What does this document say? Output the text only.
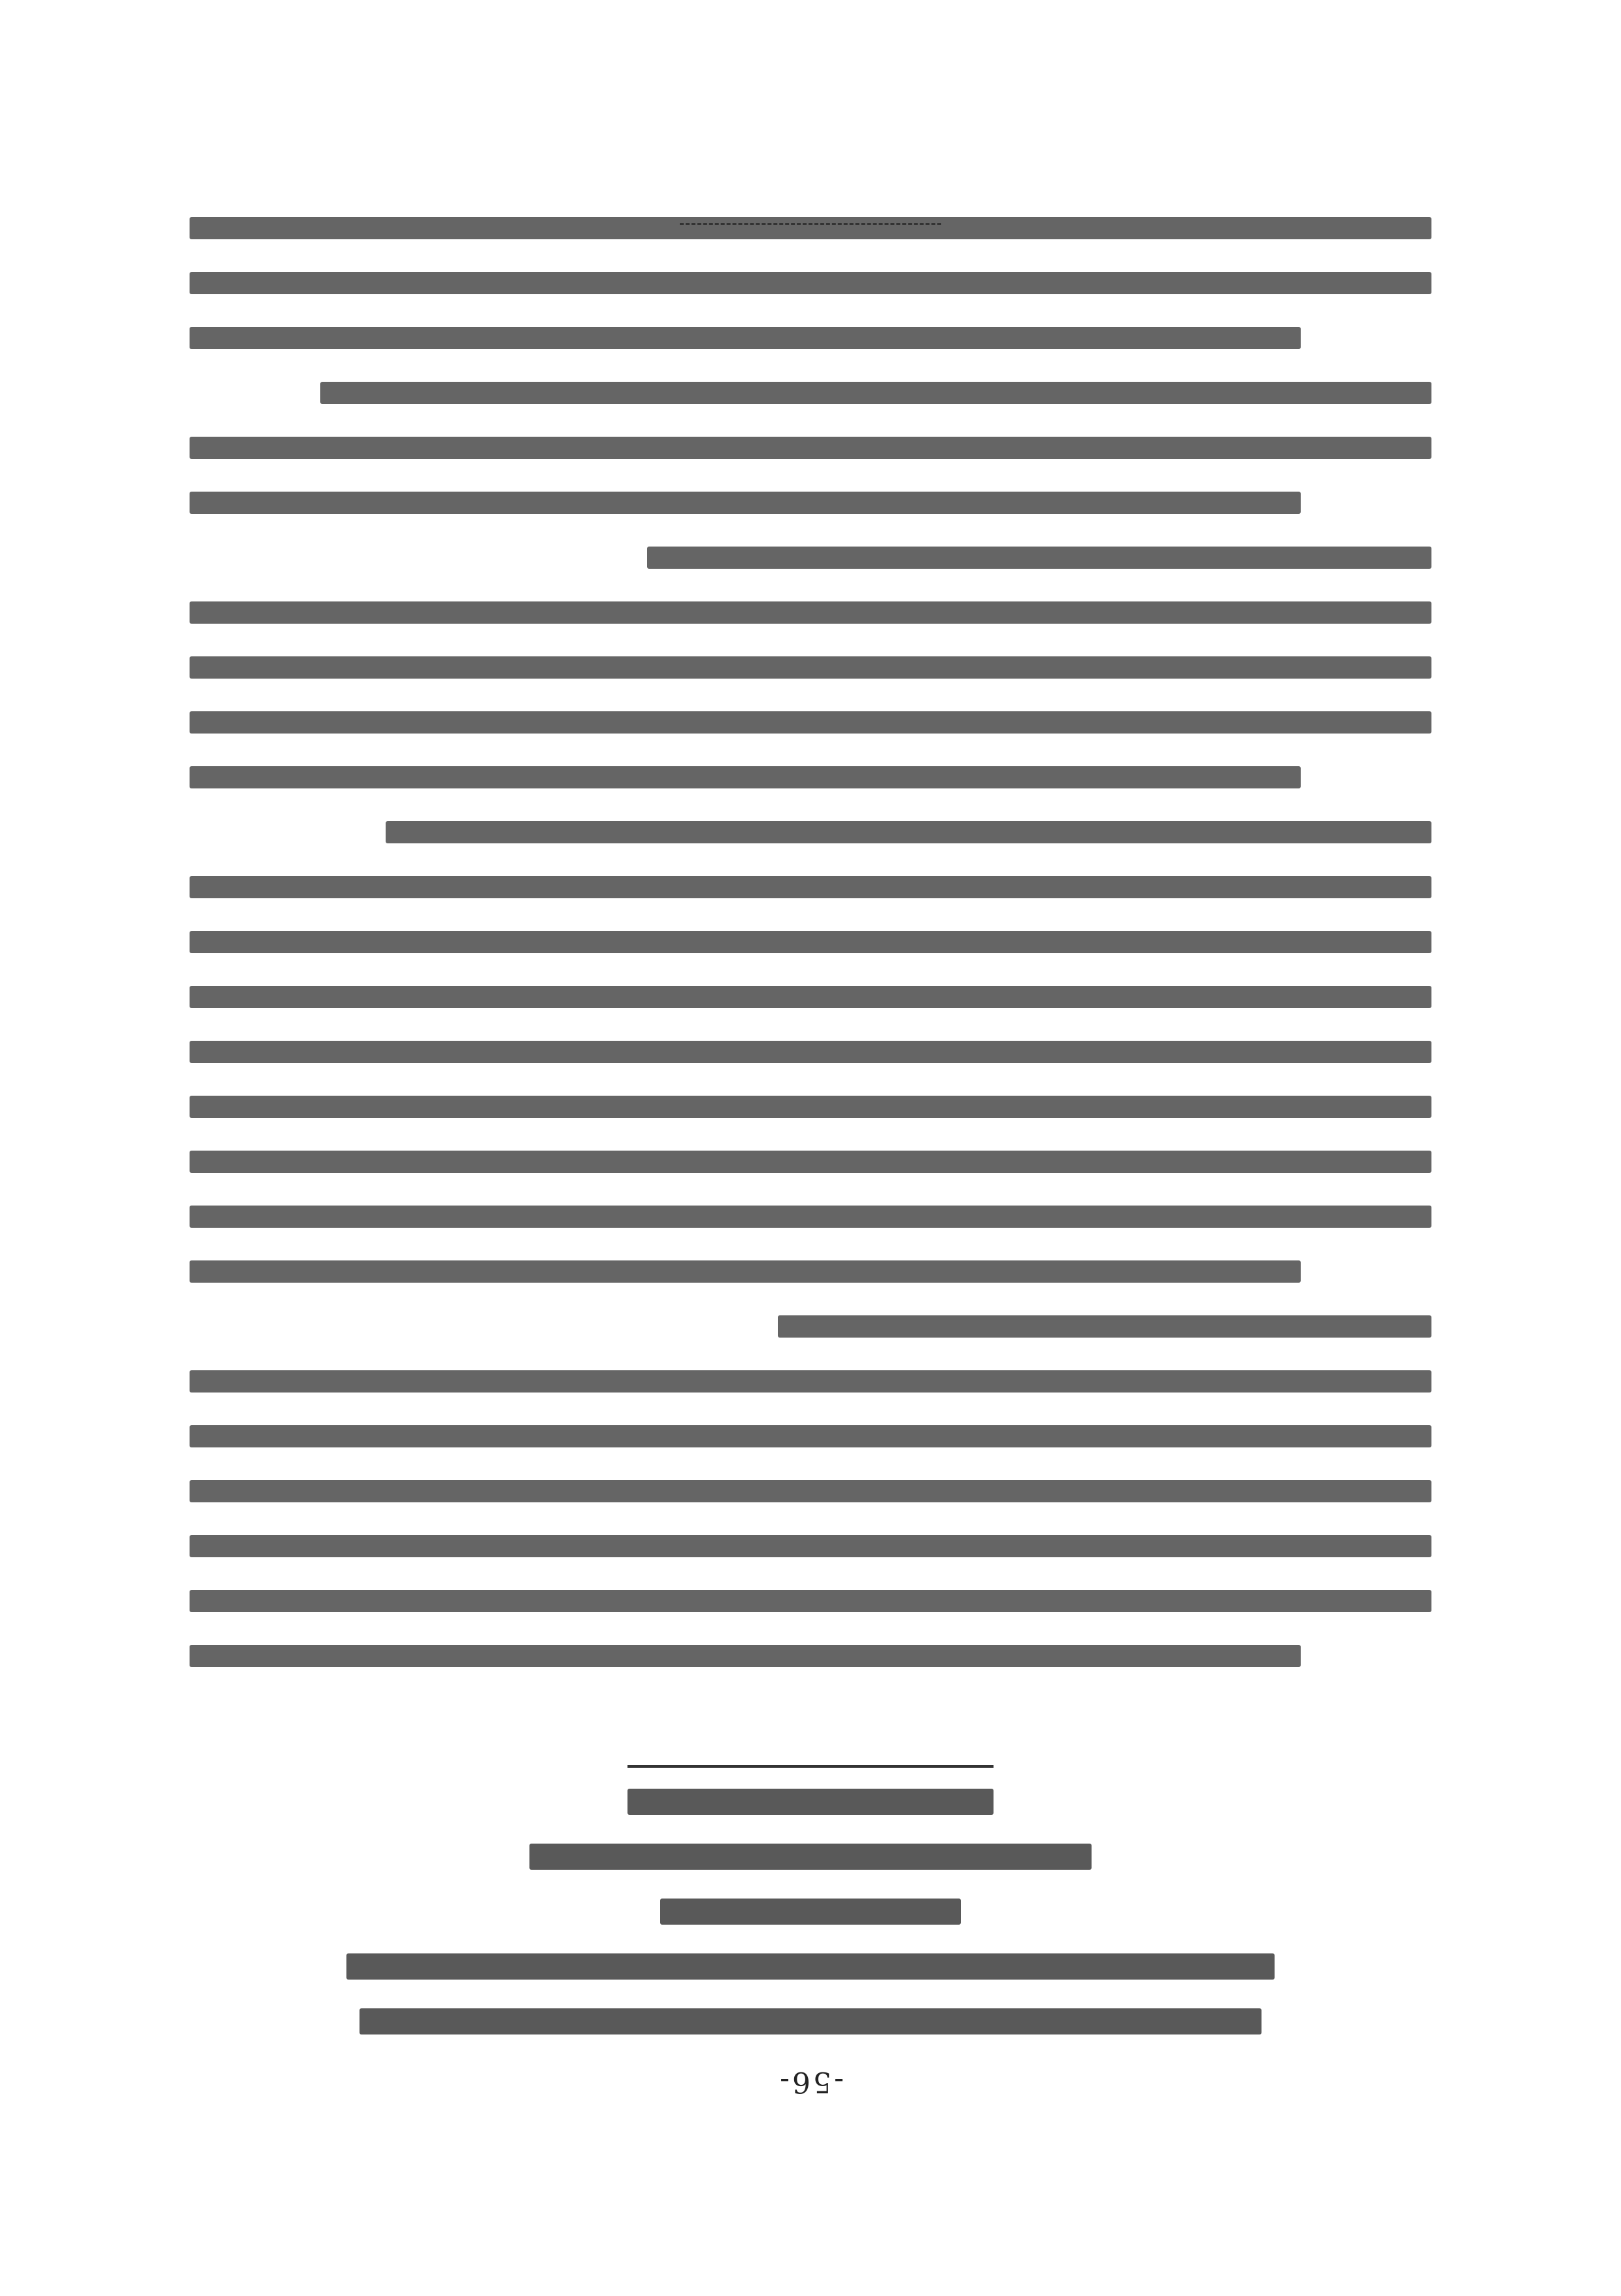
-56-
